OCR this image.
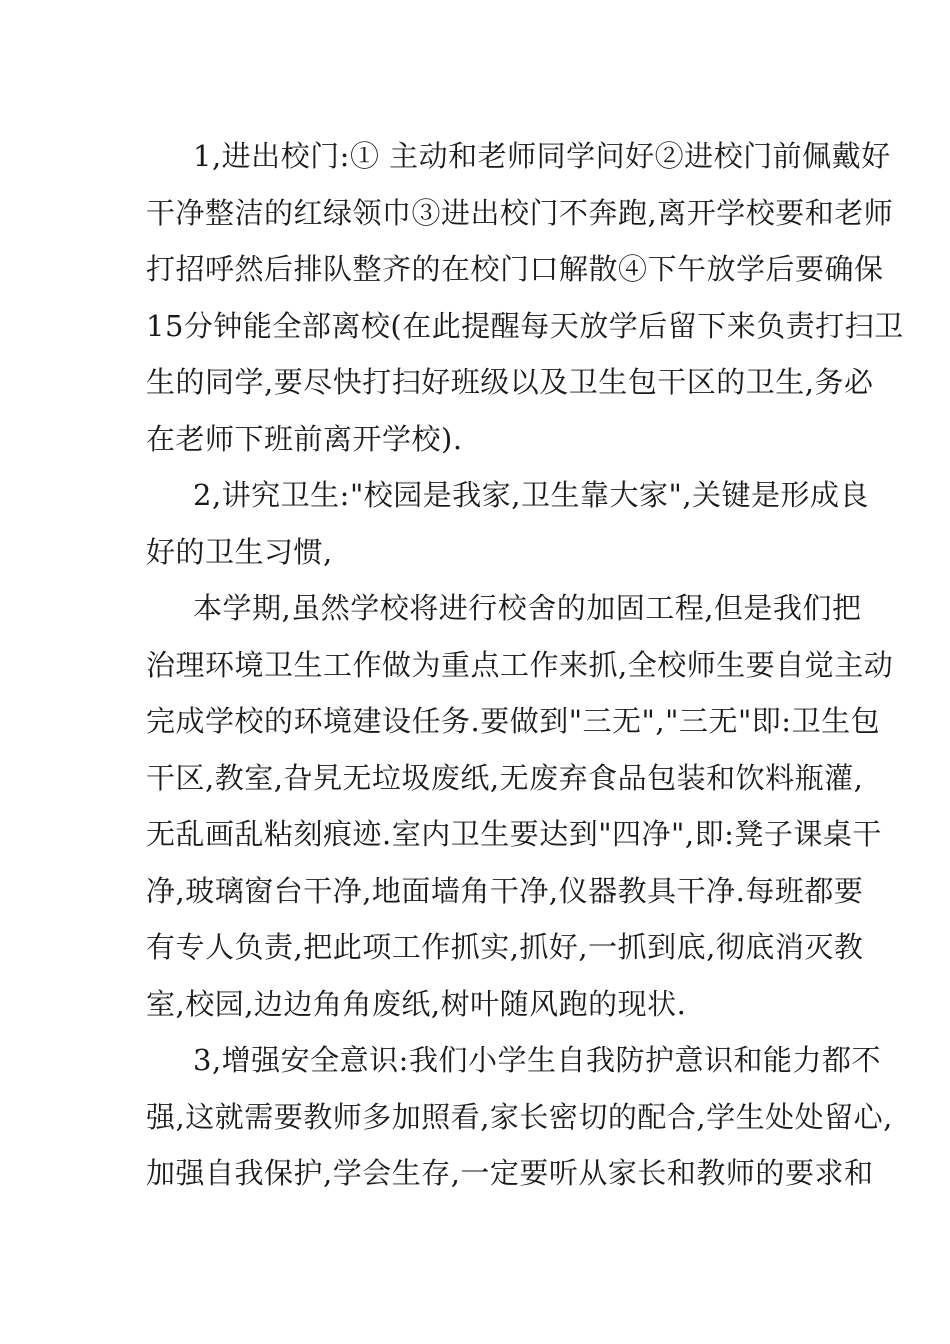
1,进出校门:① 主动和老师同学问好②进校门前佩戴好
干净整洁的红绿领巾③进出校门不奔跑,离开学校要和老师
打招呼然后排队整齐的在校门口解散④下午放学后要确保
15分钟能全部离校(在此提醒每天放学后留下来负责打扫卫
生的同学,要尽快打扫好班级以及卫生包干区的卫生,务必
在老师下班前离开学校).
2,讲究卫生:"校园是我家,卫生靠大家",关键是形成良
好的卫生习惯,
本学期,虽然学校将进行校舍的加固工程,但是我们把
治理环境卫生工作做为重点工作来抓,全校师生要自觉主动
完成学校的环境建设任务.要做到"三无","三无"即:卫生包
干区,教室,旮旯无垃圾废纸,无废弃食品包装和饮料瓶灌,
无乱画乱粘刻痕迹.室内卫生要达到"四净",即:凳子课桌干
净,玻璃窗台干净,地面墙角干净,仪器教具干净.每班都要
有专人负责,把此项工作抓实,抓好,一抓到底,彻底消灭教
室,校园,边边角角废纸,树叶随风跑的现状.
3,增强安全意识:我们小学生自我防护意识和能力都不
强,这就需要教师多加照看,家长密切的配合,学生处处留心,
加强自我保护,学会生存,一定要听从家长和教师的要求和
